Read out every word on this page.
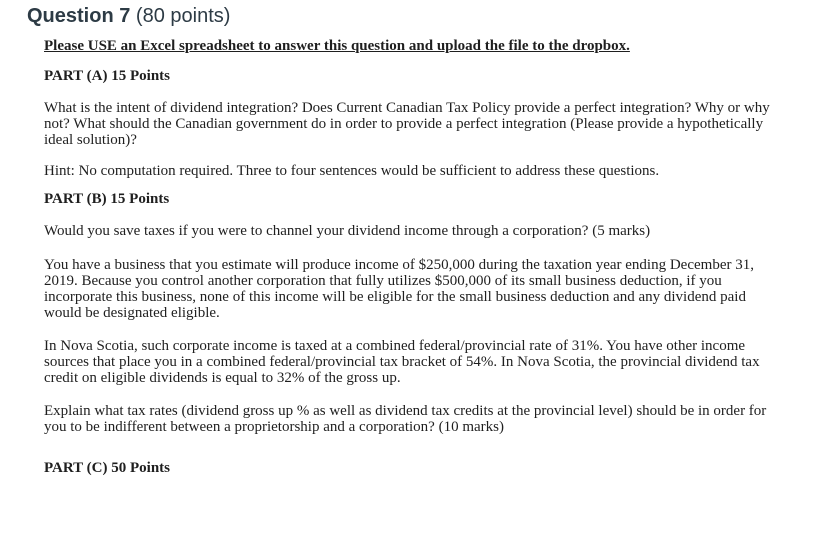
Question 7 (80 points)

Please USE an Excel spreadsheet to answer this question and upload the file to the dropbox.

PART (A) 15 Points

What is the intent of dividend integration? Does Current Canadian Tax Policy provide a perfect integration? Why or why not? What should the Canadian government do in order to provide a perfect integration (Please provide a hypothetically ideal solution)?

Hint: No computation required. Three to four sentences would be sufficient to address these questions.

PART (B) 15 Points

Would you save taxes if you were to channel your dividend income through a corporation? (5 marks)

You have a business that you estimate will produce income of $250,000 during the taxation year ending December 31, 2019. Because you control another corporation that fully utilizes $500,000 of its small business deduction, if you incorporate this business, none of this income will be eligible for the small business deduction and any dividend paid would be designated eligible.

In Nova Scotia, such corporate income is taxed at a combined federal/provincial rate of 31%. You have other income sources that place you in a combined federal/provincial tax bracket of 54%. In Nova Scotia, the provincial dividend tax credit on eligible dividends is equal to 32% of the gross up.

Explain what tax rates (dividend gross up % as well as dividend tax credits at the provincial level) should be in order for you to be indifferent between a proprietorship and a corporation? (10 marks)

PART (C) 50 Points
